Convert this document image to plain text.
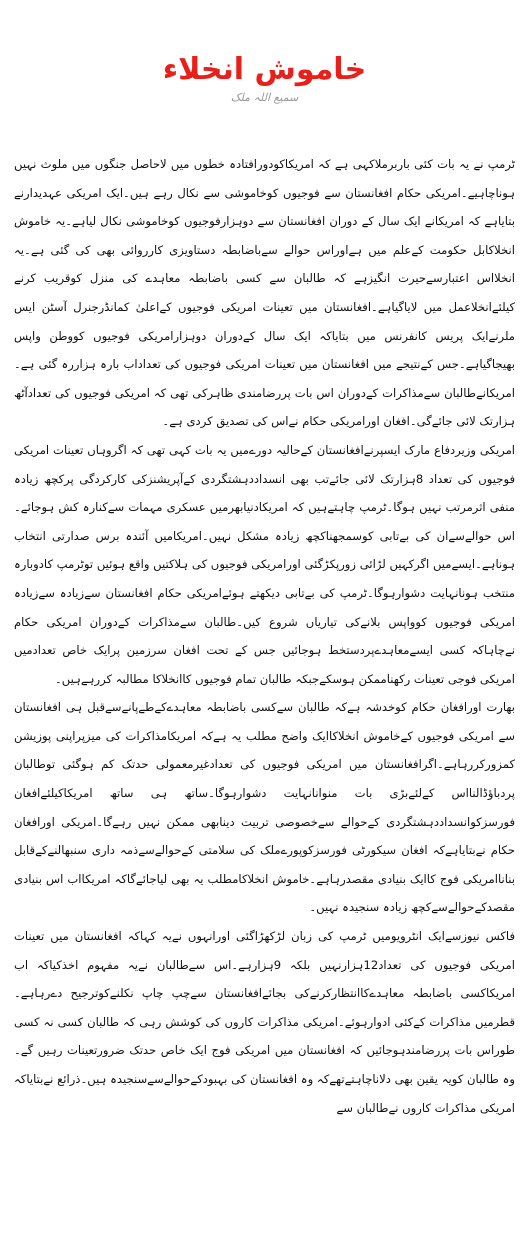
خاموش انخلاء
سمیع اللہ ملک

ٹرمپ نے یہ بات کئی باربرملاکہی ہے کہ امریکاکودورافتادہ خطوں میں لاحاصل جنگوں میں ملوث نہیں ہوناچاہیے۔امریکی حکام افغانستان سے فوجیوں کوخاموشی سے نکال رہے ہیں۔ایک امریکی عہدیدارنے بتایاہے کہ امریکانے ایک سال کے دوران افغانستان سے دوہزارفوجیوں کوخاموشی نکال لیاہے۔یہ خاموش انخلاکابل حکومت کےعلم میں ہےاوراس حوالے سےباضابطہ دستاویزی کارروائی بھی کی گئی ہے۔یہ انخلااس اعتبارسےحیرت انگیزہے کہ طالبان سے کسی باضابطہ معاہدے کی منزل کوقریب کرنے کیلئےانخلاعمل میں لایاگیاہے۔افغانستان میں تعینات امریکی فوجیوں کےاعلیٰ کمانڈرجنرل آسٹن ایس ملرنےایک پریس کانفرنس میں بتایاکہ ایک سال کےدوران دوہزارامریکی فوجیوں کووطن واپس بھیجاگیاہے۔جس کےنتیجے میں افغانستان میں تعینات امریکی فوجیوں کی تعداداب بارہ ہزاررہ گئی ہے۔امریکانےطالبان سےمذاکرات کےدوران اس بات پررضامندی ظاہرکی تھی کہ امریکی فوجیوں کی تعدادآٹھ ہزارتک لائی جائےگی۔افغان اورامریکی حکام نےاس کی تصدیق کردی ہے۔

امریکی وزیردفاع مارک ایسپرنےافغانستان کےحالیہ دورےمیں یہ بات کہی تھی کہ اگروہاں تعینات امریکی فوجیوں کی تعداد 8ہزارتک لائی جائےتب بھی انسداددہشتگردی کےآپریشنزکی کارکردگی پرکچھ زیادہ منفی اثرمرتب نہیں ہوگا۔ٹرمپ چاہتےہیں کہ امریکادنیابھرمیں عسکری مہمات سےکنارہ کش ہوجائے۔اس حوالےسےان کی بےتابی کوسمجھناکچھ زیادہ مشکل نہیں۔امریکامیں آئندہ برس صدارتی انتخاب ہوناہے۔ایسےمیں اگرکہیں لڑائی زورپکڑگئی اورامریکی فوجیوں کی ہلاکتیں واقع ہوئیں توٹرمپ کادوبارہ منتخب ہونانہایت دشوارہوگا۔ٹرمپ کی بےتابی دیکھتے ہوئےامریکی حکام افغانستان سےزیادہ سےزیادہ امریکی فوجیوں کوواپس بلانےکی تیاریاں شروع کیں۔طالبان سےمذاکرات کےدوران امریکی حکام نےچاہاکہ کسی ایسےمعاہدےپردستخط ہوجائیں جس کے تحت افغان سرزمین پرایک خاص تعدادمیں امریکی فوجی تعینات رکھناممکن ہوسکےجبکہ طالبان تمام فوجیوں کاانخلاکا مطالبہ کررہےہیں۔

بھارت اورافغان حکام کوخدشہ ہےکہ طالبان سےکسی باضابطہ معاہدےکےطےپانےسےقبل ہی افغانستان سے امریکی فوجیوں کےخاموش انخلاکاایک واضح مطلب یہ ہےکہ امریکامذاکرات کی میزپراپنی پوزیشن کمزورکررہاہے۔اگرافغانستان میں امریکی فوجیوں کی تعدادغیرمعمولی حدتک کم ہوگئی توطالبان پردباؤڈالنااس کےلئےبڑی بات منوانانہایت دشوارہوگا۔ساتھ ہی ساتھ امریکاکیلئےافغان فورسزکوانسداددہشتگردی کےحوالے سےخصوصی تربیت دینابھی ممکن نہیں رہےگا۔امریکی اورافغان حکام نےبتایاہےکہ افغان سیکورٹی فورسزکوپورےملک کی سلامتی کےحوالےسےذمہ داری سنبھالنےکےقابل بناناامریکی فوج کاایک بنیادی مقصدرہاہے۔خاموش انخلاکامطلب یہ بھی لیاجائےگاکہ امریکااب اس بنیادی مقصدکےحوالےسےکچھ زیادہ سنجیدہ نہیں۔

فاکس نیوزسےایک انٹرویومیں ٹرمپ کی زبان لڑکھڑاگئی اورانہوں نےیہ کہاکہ افغانستان میں تعینات امریکی فوجیوں کی تعداد12ہزارنہیں بلکہ 9ہزارہے۔اس سےطالبان نےیہ مفہوم اخذکیاکہ اب امریکاکسی باضابطہ معاہدےکاانتظارکرنےکی بجائےافغانستان سےچپ چاپ نکلنےکوترجیح دےرہاہے۔قطرمیں مذاکرات کےکئی ادوارہوئے۔امریکی مذاکرات کاروں کی کوشش رہی کہ طالبان کسی نہ کسی طوراس بات پررضامندہوجائیں کہ افغانستان میں امریکی فوج ایک خاص حدتک ضرورتعینات رہیں گے۔وہ طالبان کویہ یقین بھی دلاناچاہتےتھےکہ وہ افغانستان کی بہبودکےحوالےسےسنجیدہ ہیں۔ذرائع نےبتایاکہ امریکی مذاکرات کاروں نےطالبان سے
